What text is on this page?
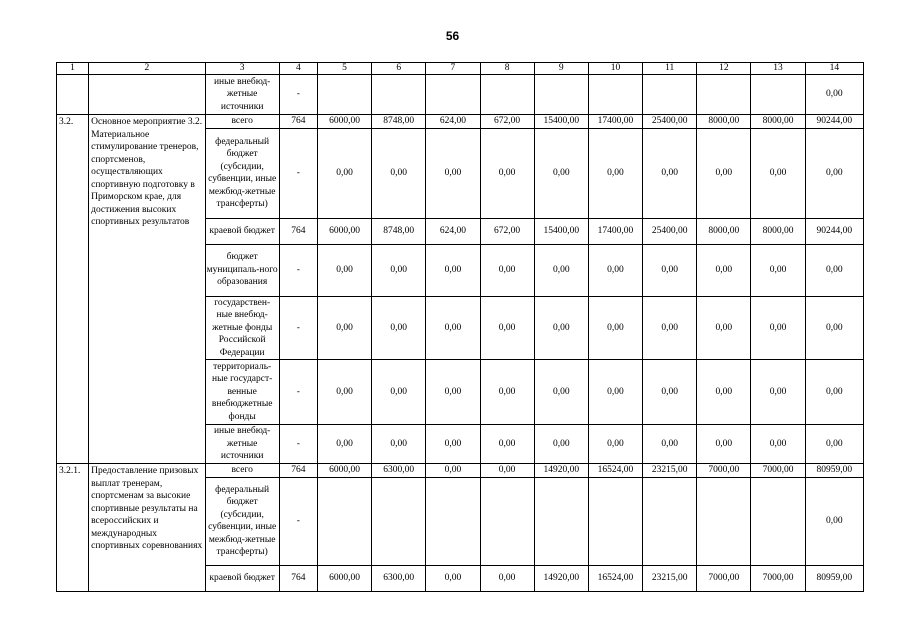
56
1	2	3	4	5	6	7	8	9	10	11	12	13	14
		иные внебюд-жетные источники	-										0,00
3.2.	Основное мероприятие 3.2. Материальное стимулирование тренеров, спортсменов, осуществляющих спортивную подготовку в Приморском крае, для достижения высоких спортивных результатов	всего	764	6000,00	8748,00	624,00	672,00	15400,00	17400,00	25400,00	8000,00	8000,00	90244,00
		федеральный бюджет (субсидии, субвенции, иные межбюд-жетные трансферты)	-	0,00	0,00	0,00	0,00	0,00	0,00	0,00	0,00	0,00	0,00
		краевой бюджет	764	6000,00	8748,00	624,00	672,00	15400,00	17400,00	25400,00	8000,00	8000,00	90244,00
		бюджет муниципаль-ного образования	-	0,00	0,00	0,00	0,00	0,00	0,00	0,00	0,00	0,00	0,00
		государствен-ные внебюд-жетные фонды Российской Федерации	-	0,00	0,00	0,00	0,00	0,00	0,00	0,00	0,00	0,00	0,00
		территориаль-ные государст-венные внебюджетные фонды	-	0,00	0,00	0,00	0,00	0,00	0,00	0,00	0,00	0,00	0,00
		иные внебюд-жетные источники	-	0,00	0,00	0,00	0,00	0,00	0,00	0,00	0,00	0,00	0,00
3.2.1.	Предоставление призовых выплат тренерам, спортсменам за высокие спортивные результаты на всероссийских и международных спортивных соревнованиях	всего	764	6000,00	6300,00	0,00	0,00	14920,00	16524,00	23215,00	7000,00	7000,00	80959,00
		федеральный бюджет (субсидии, субвенции, иные межбюд-жетные трансферты)	-										0,00
		краевой бюджет	764	6000,00	6300,00	0,00	0,00	14920,00	16524,00	23215,00	7000,00	7000,00	80959,00
